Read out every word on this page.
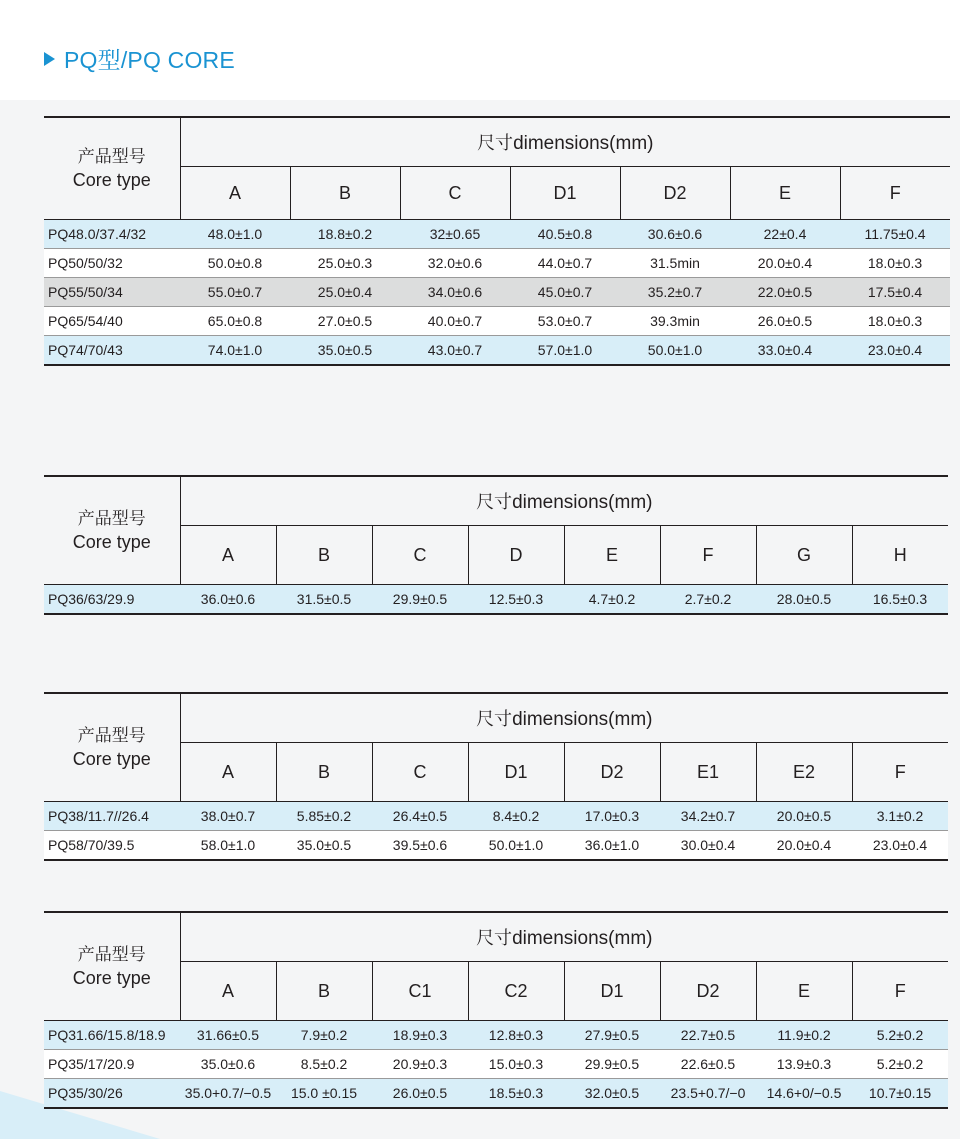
PQ型/PQ CORE
产品型号
Core type	尺寸dimensions(mm)						
	A	B	C	D1	D2	E	F
PQ48.0/37.4/32	48.0±1.0	18.8±0.2	32±0.65	40.5±0.8	30.6±0.6	22±0.4	11.75±0.4
PQ50/50/32	50.0±0.8	25.0±0.3	32.0±0.6	44.0±0.7	31.5min	20.0±0.4	18.0±0.3
PQ55/50/34	55.0±0.7	25.0±0.4	34.0±0.6	45.0±0.7	35.2±0.7	22.0±0.5	17.5±0.4
PQ65/54/40	65.0±0.8	27.0±0.5	40.0±0.7	53.0±0.7	39.3min	26.0±0.5	18.0±0.3
PQ74/70/43	74.0±1.0	35.0±0.5	43.0±0.7	57.0±1.0	50.0±1.0	33.0±0.4	23.0±0.4
产品型号
Core type	尺寸dimensions(mm)							
	A	B	C	D	E	F	G	H
PQ36/63/29.9	36.0±0.6	31.5±0.5	29.9±0.5	12.5±0.3	4.7±0.2	2.7±0.2	28.0±0.5	16.5±0.3
产品型号
Core type	尺寸dimensions(mm)							
	A	B	C	D1	D2	E1	E2	F
PQ38/11.7//26.4	38.0±0.7	5.85±0.2	26.4±0.5	8.4±0.2	17.0±0.3	34.2±0.7	20.0±0.5	3.1±0.2
PQ58/70/39.5	58.0±1.0	35.0±0.5	39.5±0.6	50.0±1.0	36.0±1.0	30.0±0.4	20.0±0.4	23.0±0.4
产品型号
Core type	尺寸dimensions(mm)							
	A	B	C1	C2	D1	D2	E	F
PQ31.66/15.8/18.9	31.66±0.5	7.9±0.2	18.9±0.3	12.8±0.3	27.9±0.5	22.7±0.5	11.9±0.2	5.2±0.2
PQ35/17/20.9	35.0±0.6	8.5±0.2	20.9±0.3	15.0±0.3	29.9±0.5	22.6±0.5	13.9±0.3	5.2±0.2
PQ35/30/26	35.0+0.7/−0.5	15.0 ±0.15	26.0±0.5	18.5±0.3	32.0±0.5	23.5+0.7/−0	14.6+0/−0.5	10.7±0.15
